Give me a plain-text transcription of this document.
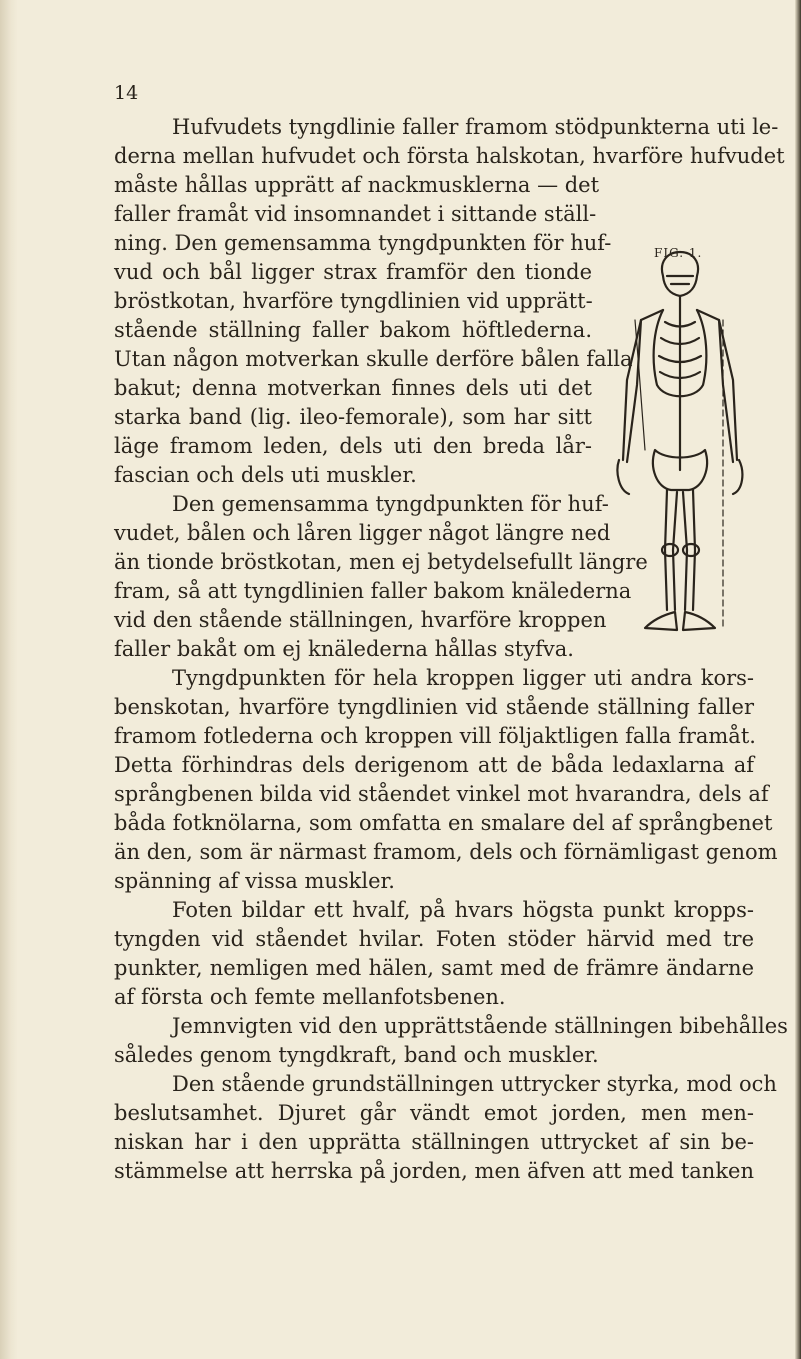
14
Hufvudets tyngdlinie faller framom stödpunkterna uti le-
derna mellan hufvudet och första halskotan, hvarföre hufvudet
måste hållas upprätt af nackmusklerna — det
faller framåt vid insomnandet i sittande ställ-
ning. Den gemensamma tyngdpunkten för huf-
vud och bål ligger strax framför den tionde
bröstkotan, hvarföre tyngdlinien vid upprätt-
stående ställning faller bakom höftlederna.
Utan någon motverkan skulle derföre bålen falla
bakut; denna motverkan finnes dels uti det
starka band (lig. ileo-femorale), som har sitt
läge framom leden, dels uti den breda lår-
fascian och dels uti muskler.
Den gemensamma tyngdpunkten för huf-
vudet, bålen och låren ligger något längre ned
än tionde bröstkotan, men ej betydelsefullt längre
fram, så att tyngdlinien faller bakom knälederna
vid den stående ställningen, hvarföre kroppen
faller bakåt om ej knälederna hållas styfva.
Tyngdpunkten för hela kroppen ligger uti andra kors-
benskotan, hvarföre tyngdlinien vid stående ställning faller
framom fotlederna och kroppen vill följaktligen falla framåt.
Detta förhindras dels derigenom att de båda ledaxlarna af
språngbenen bilda vid ståendet vinkel mot hvarandra, dels af
båda fotknölarna, som omfatta en smalare del af språngbenet
än den, som är närmast framom, dels och förnämligast genom
spänning af vissa muskler.
Foten bildar ett hvalf, på hvars högsta punkt kropps-
tyngden vid ståendet hvilar. Foten stöder härvid med tre
punkter, nemligen med hälen, samt med de främre ändarne
af första och femte mellanfotsbenen.
Jemnvigten vid den upprättstående ställningen bibehålles
således genom tyngdkraft, band och muskler.
Den stående grundställningen uttrycker styrka, mod och
beslutsamhet. Djuret går vändt emot jorden, men men-
niskan har i den upprätta ställningen uttrycket af sin be-
stämmelse att herrska på jorden, men äfven att med tanken
FIG. 1.
